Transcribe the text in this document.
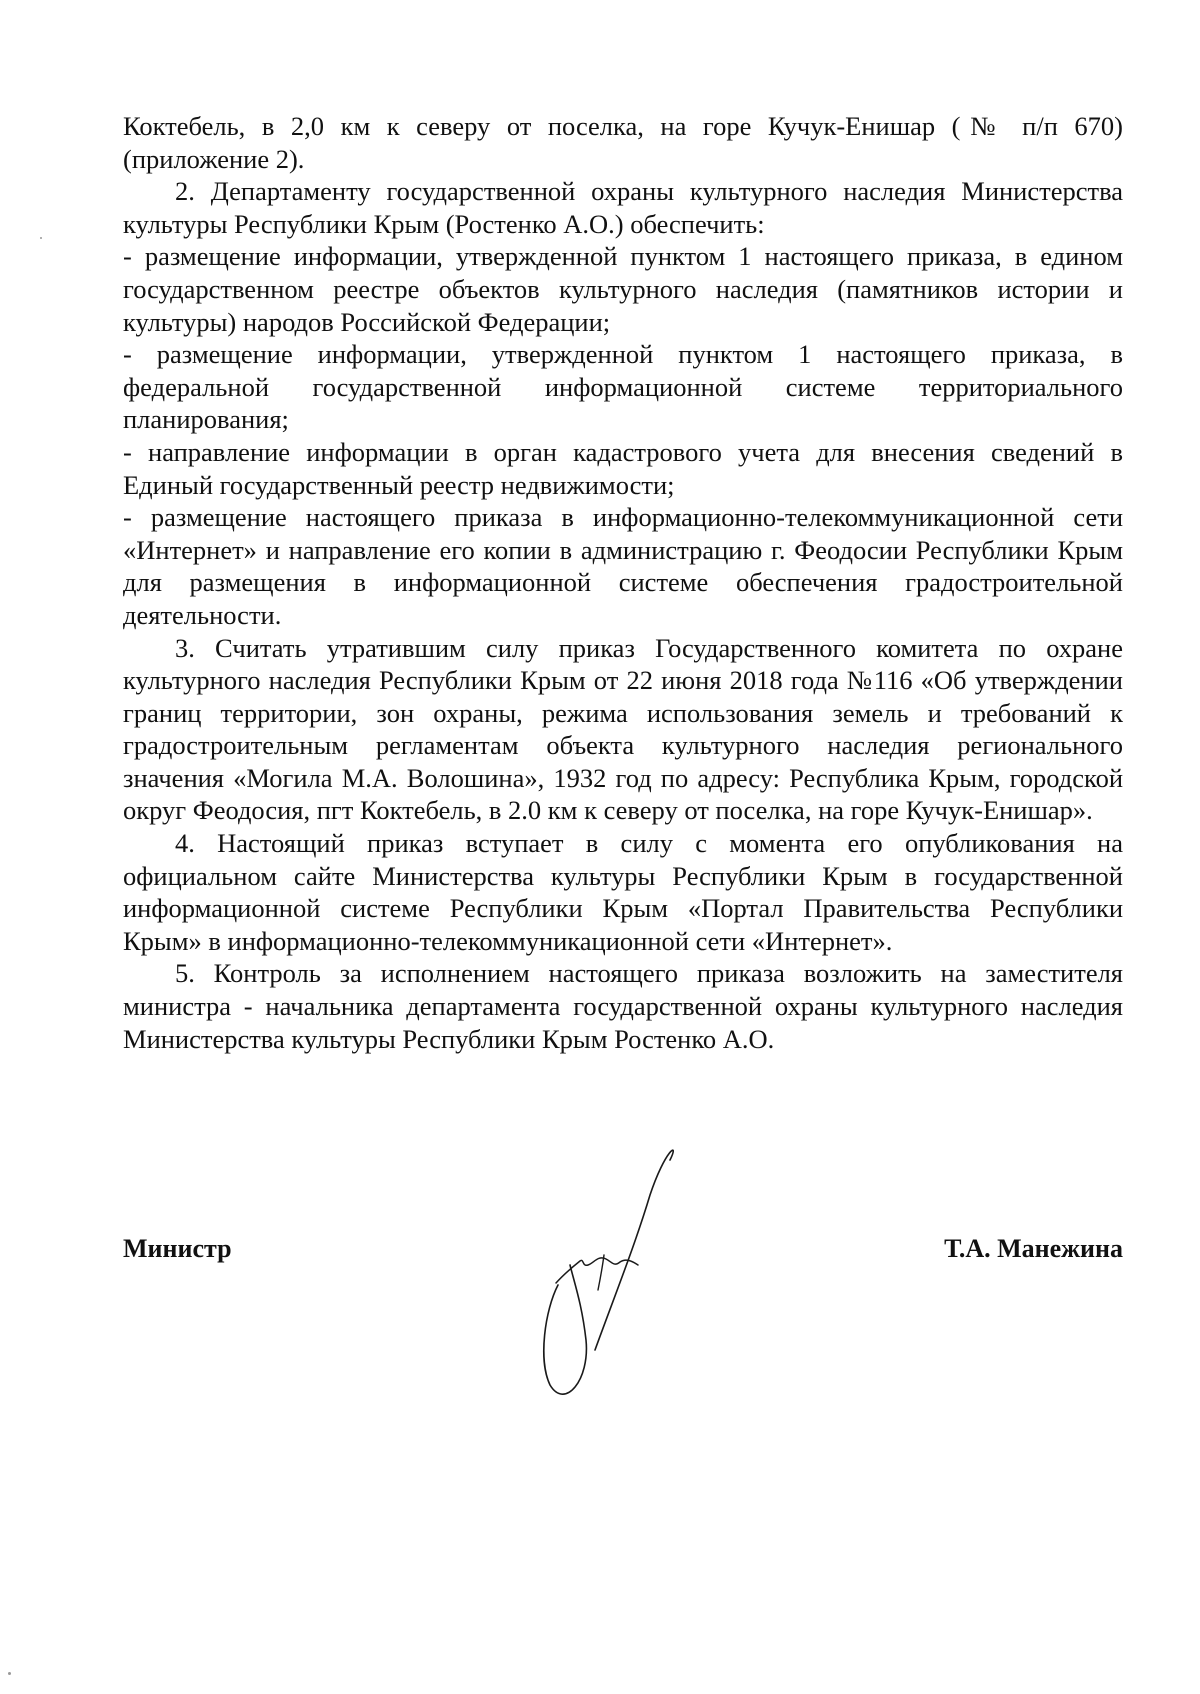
Коктебель, в 2,0 км к северу от поселка, на горе Кучук-Енишар (№ п/п 670) (приложение 2).

2. Департаменту государственной охраны культурного наследия Министерства культуры Республики Крым (Ростенко А.О.) обеспечить:

- размещение информации, утвержденной пунктом 1 настоящего приказа, в едином государственном реестре объектов культурного наследия (памятников истории и культуры) народов Российской Федерации;

- размещение информации, утвержденной пунктом 1 настоящего приказа, в федеральной государственной информационной системе территориального планирования;

- направление информации в орган кадастрового учета для внесения сведений в Единый государственный реестр недвижимости;

- размещение настоящего приказа в информационно-телекоммуникационной сети «Интернет» и направление его копии в администрацию г. Феодосии Республики Крым для размещения в информационной системе обеспечения градостроительной деятельности.

3. Считать утратившим силу приказ Государственного комитета по охране культурного наследия Республики Крым от 22 июня 2018 года №116 «Об утверждении границ территории, зон охраны, режима использования земель и требований к градостроительным регламентам объекта культурного наследия регионального значения «Могила М.А. Волошина», 1932 год по адресу: Республика Крым, городской округ Феодосия, пгт Коктебель, в 2.0 км к северу от поселка, на горе Кучук-Енишар».

4. Настоящий приказ вступает в силу с момента его опубликования на официальном сайте Министерства культуры Республики Крым в государственной информационной системе Республики Крым «Портал Правительства Республики Крым» в информационно-телекоммуникационной сети «Интернет».

5. Контроль за исполнением настоящего приказа возложить на заместителя министра - начальника департамента государственной охраны культурного наследия Министерства культуры Республики Крым Ростенко А.О.

Министр	Т.А. Манежина
